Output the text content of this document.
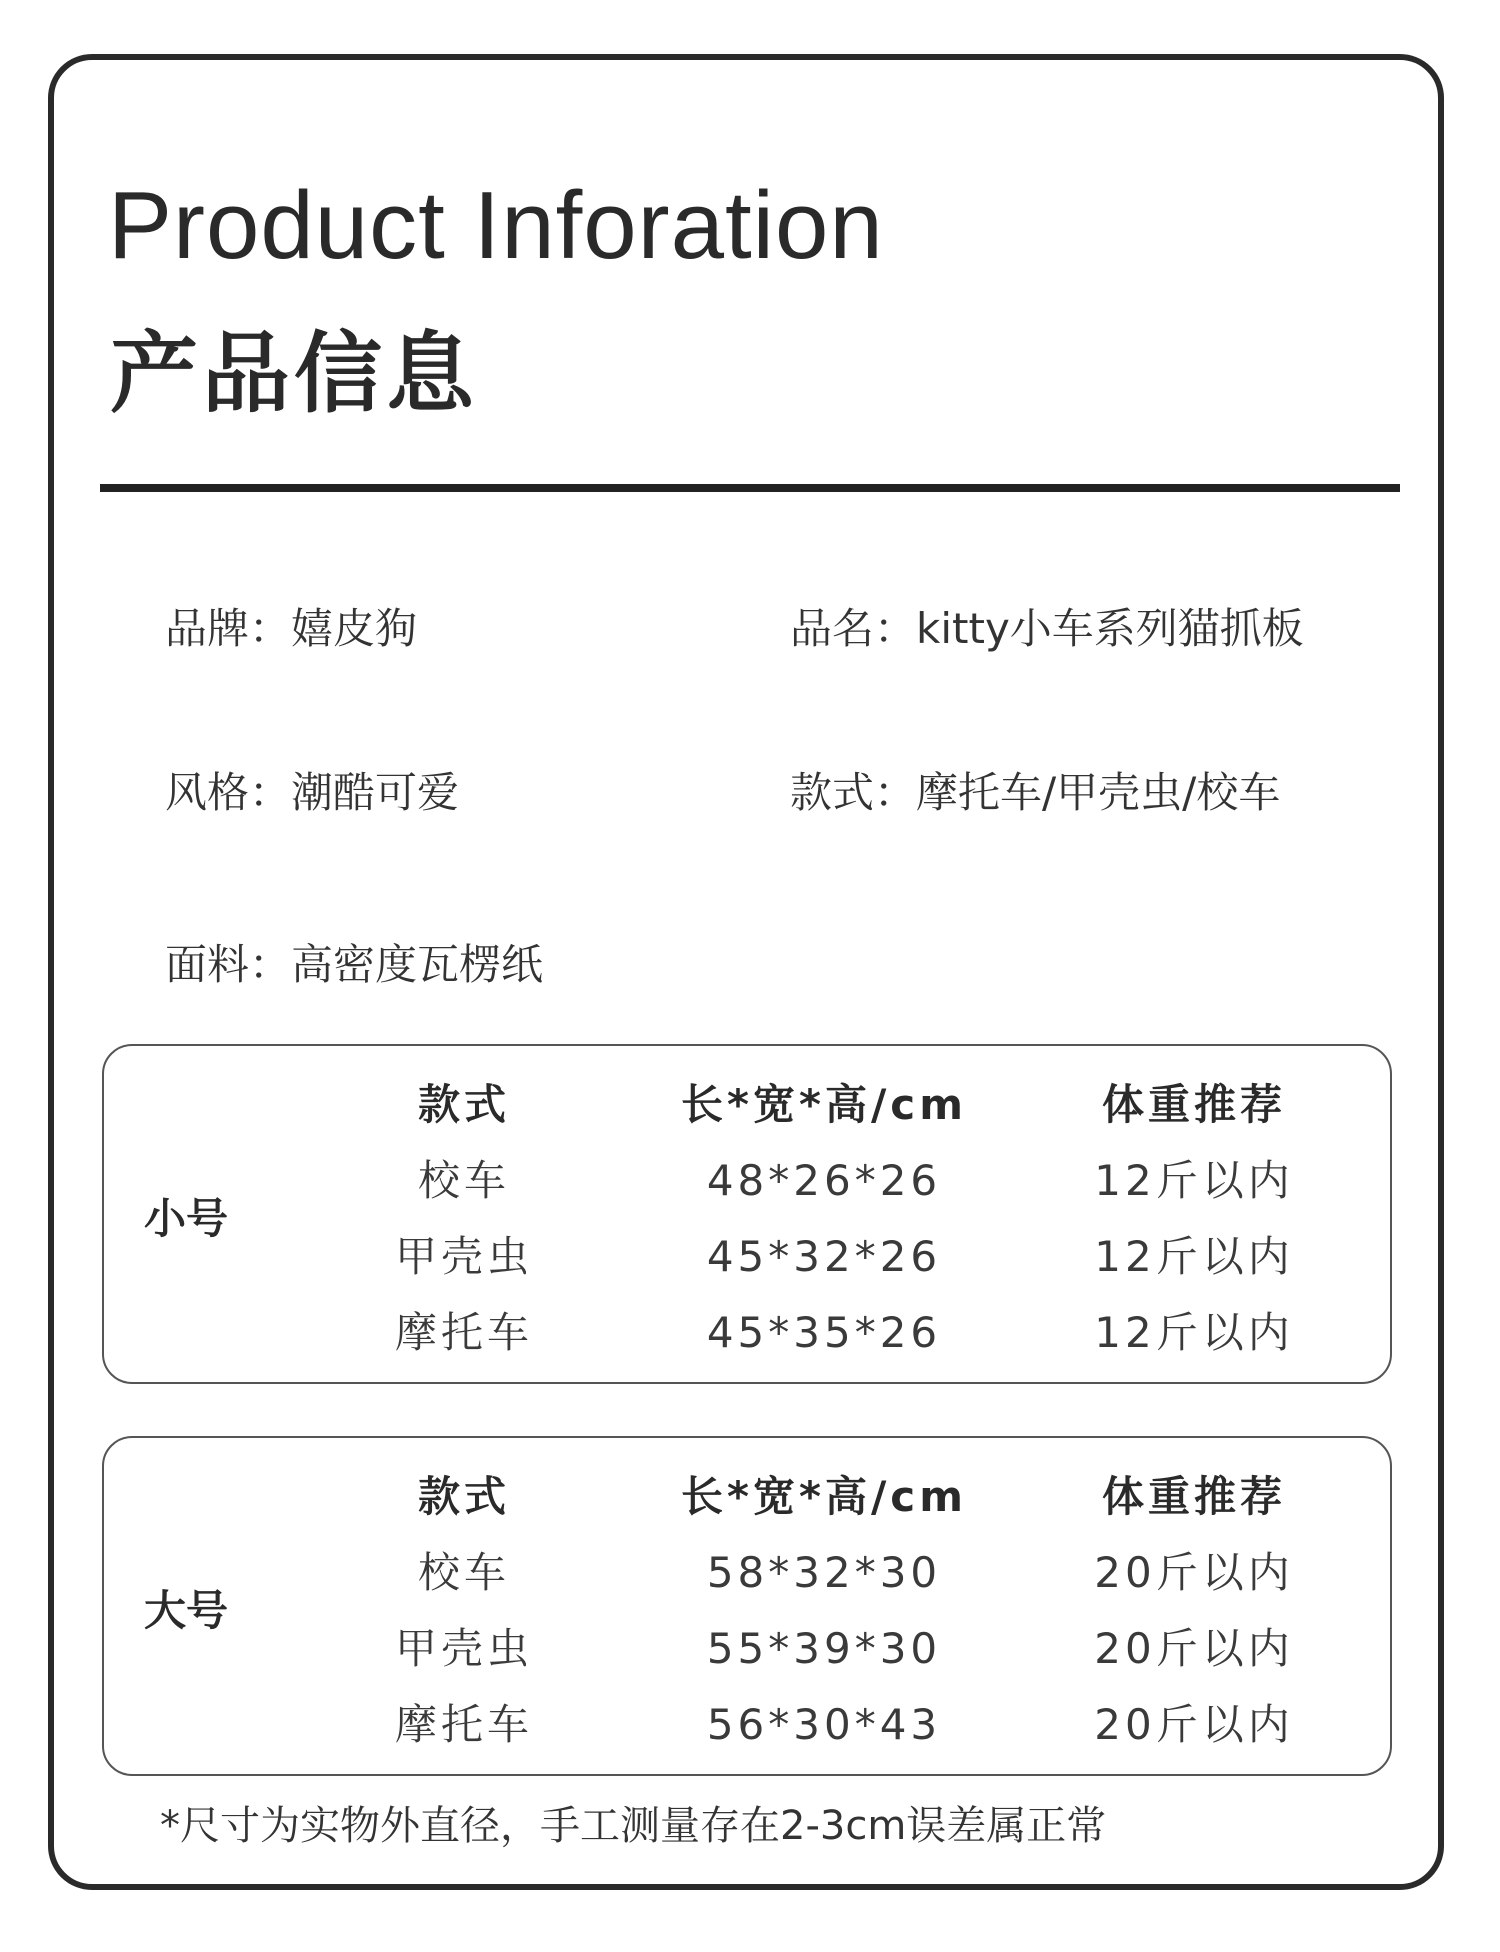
Product Inforation
产品信息
品牌：嬉皮狗	品名：kitty小车系列猫抓板
风格：潮酷可爱	款式：摩托车/甲壳虫/校车
面料：高密度瓦楞纸
小号
款式	长*宽*高/cm	体重推荐
校车	48*26*26	12斤以内
甲壳虫	45*32*26	12斤以内
摩托车	45*35*26	12斤以内
大号
款式	长*宽*高/cm	体重推荐
校车	58*32*30	20斤以内
甲壳虫	55*39*30	20斤以内
摩托车	56*30*43	20斤以内
*尺寸为实物外直径，手工测量存在2-3cm误差属正常
